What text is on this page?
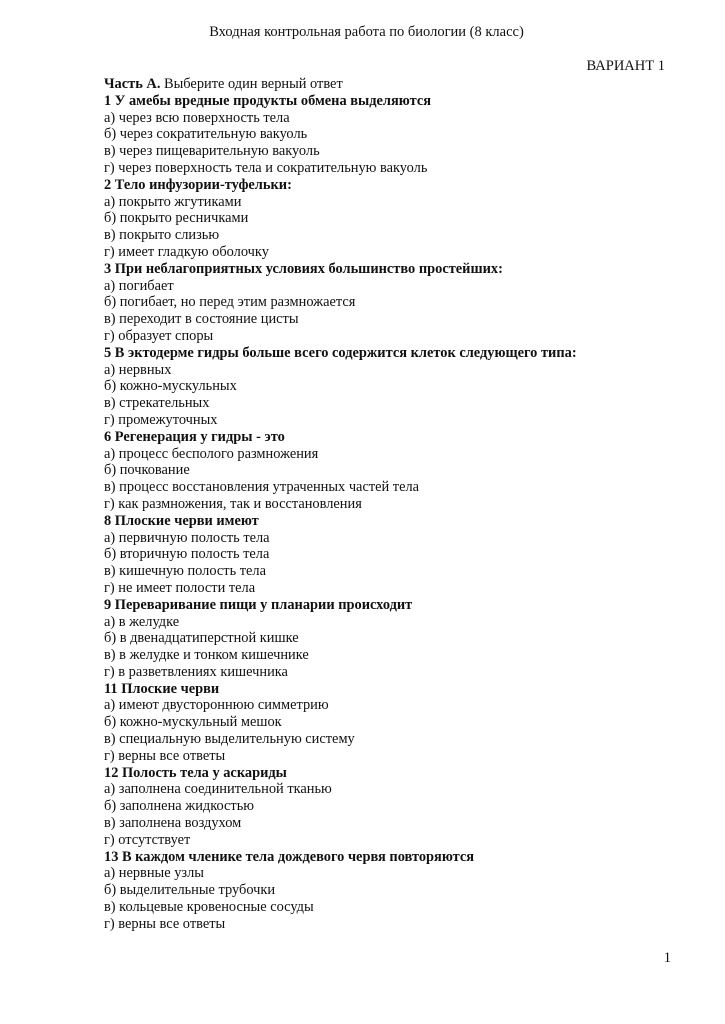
Входная контрольная работа по биологии (8 класс)
ВАРИАНТ 1
Часть А. Выберите один верный ответ
1 У амебы вредные продукты обмена выделяются
а) через всю поверхность тела
б) через сократительную вакуоль
в) через пищеварительную вакуоль
г) через поверхность тела и сократительную вакуоль
2 Тело инфузории-туфельки:
а) покрыто жгутиками
б) покрыто ресничками
в) покрыто слизью
г) имеет гладкую оболочку
3 При неблагоприятных условиях большинство простейших:
а) погибает
б) погибает, но перед этим размножается
в) переходит в состояние цисты
г) образует споры
5 В эктодерме гидры больше всего содержится клеток следующего типа:
а) нервных
б) кожно-мускульных
в) стрекательных
г) промежуточных
6 Регенерация у гидры - это
а) процесс бесполого размножения
б) почкование
в) процесс восстановления утраченных частей тела
г) как размножения, так и восстановления
8 Плоские черви имеют
а) первичную полость тела
б) вторичную полость тела
в) кишечную полость тела
г) не имеет полости тела
9 Переваривание пищи у планарии происходит
а) в желудке
б) в двенадцатиперстной кишке
в) в желудке и тонком кишечнике
г) в разветвлениях кишечника
11 Плоские черви
а) имеют двустороннюю симметрию
б) кожно-мускульный мешок
в) специальную выделительную систему
г) верны все ответы
12 Полость тела у аскариды
а) заполнена соединительной тканью
б) заполнена жидкостью
в) заполнена воздухом
г) отсутствует
13 В каждом членике тела дождевого червя повторяются
а) нервные узлы
б) выделительные трубочки
в) кольцевые кровеносные сосуды
г) верны все ответы
1
